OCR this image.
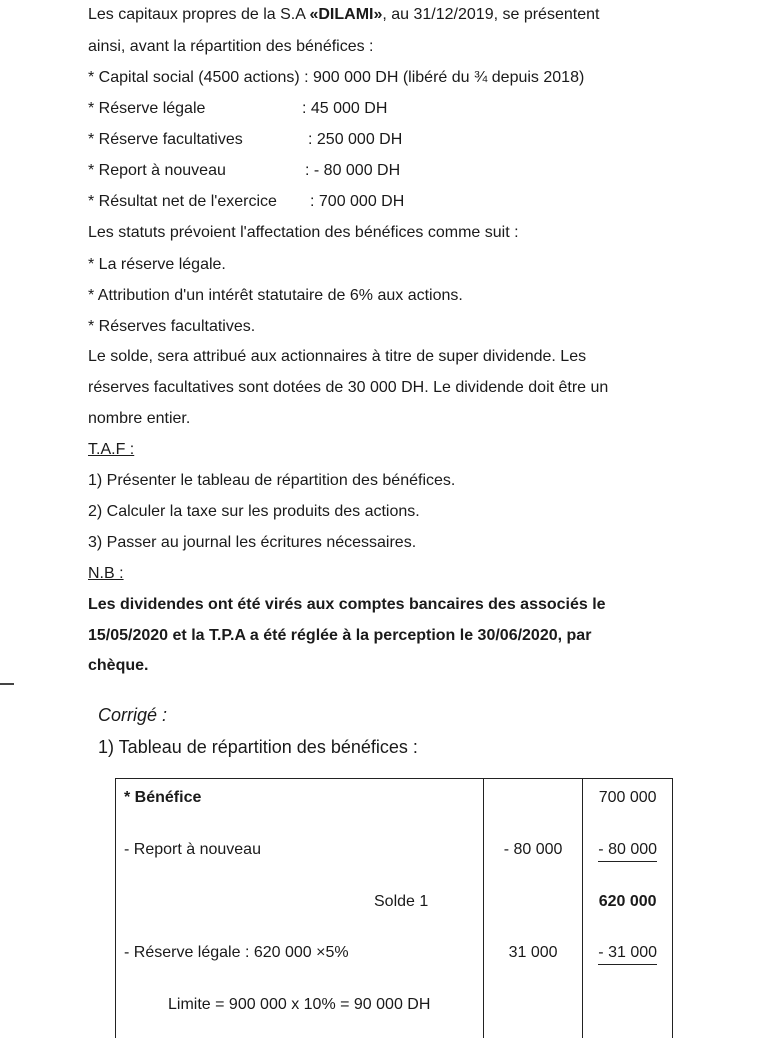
Les capitaux propres de la S.A «DILAMI», au 31/12/2019, se présentent
ainsi, avant la répartition des bénéfices :
* Capital social (4500 actions) : 900 000 DH (libéré du ¾ depuis 2018)
* Réserve légale	: 45 000 DH
* Réserve facultatives	: 250 000 DH
* Report à nouveau	: - 80 000 DH
* Résultat net de l'exercice : 700 000 DH
Les statuts prévoient l'affectation des bénéfices comme suit :
* La réserve légale.
* Attribution d'un intérêt statutaire de 6% aux actions.
* Réserves facultatives.
Le solde, sera attribué aux actionnaires à titre de super dividende. Les
réserves facultatives sont dotées de 30 000 DH. Le dividende doit être un
nombre entier.
T.A.F :
1) Présenter le tableau de répartition des bénéfices.
2) Calculer la taxe sur les produits des actions.
3) Passer au journal les écritures nécessaires.
N.B :
Les dividendes ont été virés aux comptes bancaires des associés le
15/05/2020 et la T.P.A a été réglée à la perception le 30/06/2020, par
chèque.
Corrigé :
1) Tableau de répartition des bénéfices :
* Bénéfice		700 000

- Report à nouveau	- 80 000	- 80 000

Solde 1		620 000

- Réserve légale : 620 000 ×5%	31 000	- 31 000

Limite = 900 000 x 10% = 90 000 DH		
